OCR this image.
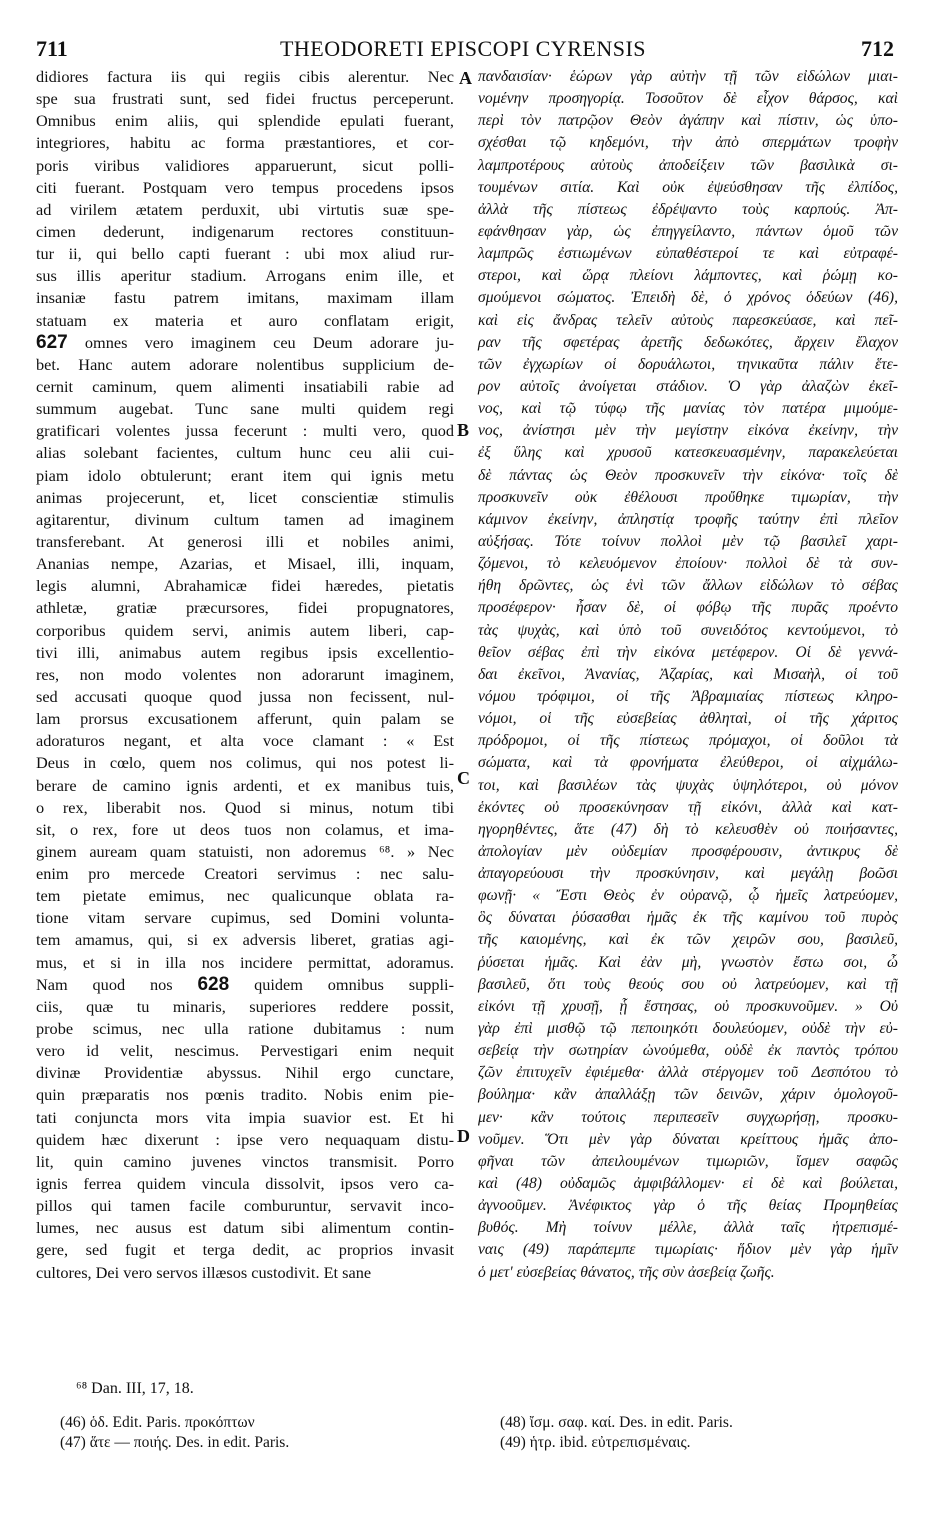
711	THEODORETI EPISCOPI CYRENSIS	712
didiores factura iis qui regiis cibis alerentur. Nec
spe sua frustrati sunt, sed fidei fructus perceperunt.
Omnibus enim aliis, qui splendide epulati fuerant,
integriores, habitu ac forma præstantiores, et cor-
poris viribus validiores apparuerunt, sicut polli-
citi fuerant. Postquam vero tempus procedens ipsos
ad virilem ætatem perduxit, ubi virtutis suæ spe-
cimen dederunt, indigenarum rectores constituun-
tur ii, qui bello capti fuerant : ubi mox aliud rur-
sus illis aperitur stadium. Arrogans enim ille, et
insaniæ fastu patrem imitans, maximam illam
statuam ex materia et auro conflatam erigit,
627 omnes vero imaginem ceu Deum adorare ju-
bet. Hanc autem adorare nolentibus supplicium de-
cernit caminum, quem alimenti insatiabili rabie ad
summum augebat. Tunc sane multi quidem regi
gratificari volentes jussa fecerunt : multi vero, quod
alias solebant facientes, cultum hunc ceu alii cui-
piam idolo obtulerunt; erant item qui ignis metu
animas projecerunt, et, licet conscientiæ stimulis
agitarentur, divinum cultum tamen ad imaginem
transferebant. At generosi illi et nobiles animi,
Ananias nempe, Azarias, et Misael, illi, inquam,
legis alumni, Abrahamicæ fidei hæredes, pietatis
athletæ, gratiæ præcursores, fidei propugnatores,
corporibus quidem servi, animis autem liberi, cap-
tivi illi, animabus autem regibus ipsis excellentio-
res, non modo volentes non adorarunt imaginem,
sed accusati quoque quod jussa non fecissent, nul-
lam prorsus excusationem afferunt, quin palam se
adoraturos negant, et alta voce clamant : « Est
Deus in cœlo, quem nos colimus, qui nos potest li-
berare de camino ignis ardenti, et ex manibus tuis,
o rex, liberabit nos. Quod si minus, notum tibi
sit, o rex, fore ut deos tuos non colamus, et ima-
ginem auream quam statuisti, non adoremus ⁶⁸. » Nec
enim pro mercede Creatori servimus : nec salu-
tem pietate emimus, nec qualicunque oblata ra-
tione vitam servare cupimus, sed Domini volunta-
tem amamus, qui, si ex adversis liberet, gratias agi-
mus, et si in illa nos incidere permittat, adoramus.
Nam quod nos 628 quidem omnibus suppli-
ciis, quæ tu minaris, superiores reddere possit,
probe scimus, nec ulla ratione dubitamus : num
vero id velit, nescimus. Pervestigari enim nequit
divinæ Providentiæ abyssus. Nihil ergo cunctare,
quin præparatis nos pœnis tradito. Nobis enim pie-
tati conjuncta mors vita impia suavior est. Et hi
quidem hæc dixerunt : ipse vero nequaquam distu-
lit, quin camino juvenes vinctos transmisit. Porro
ignis ferrea quidem vincula dissolvit, ipsos vero ca-
pillos qui tamen facile comburuntur, servavit inco-
lumes, nec ausus est datum sibi alimentum contin-
gere, sed fugit et terga dedit, ac proprios invasit
cultores, Dei vero servos illæsos custodivit. Et sane
πανδαισίαν· ἑώρων γὰρ αὐτὴν τῇ τῶν εἰδώλων μιαι-
νομένην προσηγορίᾳ. Τοσοῦτον δὲ εἶχον θάρσος, καὶ
περὶ τὸν πατρῷον Θεὸν ἀγάπην καὶ πίστιν, ὡς ὑπο-
σχέσθαι τῷ κηδεμόνι, τὴν ἀπὸ σπερμάτων τροφὴν
λαμπροτέρους αὐτοὺς ἀποδείξειν τῶν βασιλικὰ σι-
τουμένων σιτία. Καὶ οὐκ ἐψεύσθησαν τῆς ἐλπίδος,
ἀλλὰ τῆς πίστεως ἐδρέψαντο τοὺς καρπούς. Ἀπ-
εφάνθησαν γὰρ, ὡς ἐπηγγείλαντο, πάντων ὁμοῦ τῶν
λαμπρῶς ἐστιωμένων εὐπαθέστεροί τε καὶ εὐτραφέ-
στεροι, καὶ ὥρᾳ πλείονι λάμποντες, καὶ ῥώμῃ κο-
σμούμενοι σώματος. Ἐπειδὴ δὲ, ὁ χρόνος ὁδεύων (46),
καὶ εἰς ἄνδρας τελεῖν αὐτοὺς παρεσκεύασε, καὶ πεῖ-
ραν τῆς σφετέρας ἀρετῆς δεδωκότες, ἄρχειν ἔλαχον
τῶν ἐγχωρίων οἱ δορυάλωτοι, τηνικαῦτα πάλιν ἕτε-
ρον αὐτοῖς ἀνοίγεται στάδιον. Ὁ γὰρ ἀλαζὼν ἐκεῖ-
νος, καὶ τῷ τύφῳ τῆς μανίας τὸν πατέρα μιμούμε-
νος, ἀνίστησι μὲν τὴν μεγίστην εἰκόνα ἐκείνην, τὴν
ἐξ ὕλης καὶ χρυσοῦ κατεσκευασμένην, παρακελεύεται
δὲ πάντας ὡς Θεὸν προσκυνεῖν τὴν εἰκόνα· τοῖς δὲ
προσκυνεῖν οὐκ ἐθέλουσι προὔθηκε τιμωρίαν, τὴν
κάμινον ἐκείνην, ἀπληστίᾳ τροφῆς ταύτην ἐπὶ πλεῖον
αὐξήσας. Τότε τοίνυν πολλοὶ μὲν τῷ βασιλεῖ χαρι-
ζόμενοι, τὸ κελευόμενον ἐποίουν· πολλοὶ δὲ τὰ συν-
ήθη δρῶντες, ὡς ἑνὶ τῶν ἄλλων εἰδώλων τὸ σέβας
προσέφερον· ἦσαν δὲ, οἱ φόβῳ τῆς πυρᾶς προέντο
τὰς ψυχὰς, καὶ ὑπὸ τοῦ συνειδότος κεντούμενοι, τὸ
θεῖον σέβας ἐπὶ τὴν εἰκόνα μετέφερον. Οἱ δὲ γεννά-
δαι ἐκεῖνοι, Ἀνανίας, Ἀζαρίας, καὶ Μισαὴλ, οἱ τοῦ
νόμου τρόφιμοι, οἱ τῆς Ἀβραμιαίας πίστεως κληρο-
νόμοι, οἱ τῆς εὐσεβείας ἀθληταὶ, οἱ τῆς χάριτος
πρόδρομοι, οἱ τῆς πίστεως πρόμαχοι, οἱ δοῦλοι τὰ
σώματα, καὶ τὰ φρονήματα ἐλεύθεροι, οἱ αἰχμάλω-
τοι, καὶ βασιλέων τὰς ψυχὰς ὑψηλότεροι, οὐ μόνον
ἑκόντες οὐ προσεκύνησαν τῇ εἰκόνι, ἀλλὰ καὶ κατ-
ηγορηθέντες, ἅτε (47) δὴ τὸ κελευσθὲν οὐ ποιήσαντες,
ἀπολογίαν μὲν οὐδεμίαν προσφέρουσιν, ἀντικρυς δὲ
ἀπαγορεύουσι τὴν προσκύνησιν, καὶ μεγάλῃ βοῶσι
φωνῇ· « Ἔστι Θεὸς ἐν οὐρανῷ, ᾧ ἡμεῖς λατρεύομεν,
ὃς δύναται ῥύσασθαι ἡμᾶς ἐκ τῆς καμίνου τοῦ πυρὸς
τῆς καιομένης, καὶ ἐκ τῶν χειρῶν σου, βασιλεῦ,
ῥύσεται ἡμᾶς. Καὶ ἐὰν μὴ, γνωστὸν ἔστω σοι, ὦ
βασιλεῦ, ὅτι τοὺς θεούς σου οὐ λατρεύομεν, καὶ τῇ
εἰκόνι τῇ χρυσῇ, ᾗ ἔστησας, οὐ προσκυνοῦμεν. » Οὐ
γὰρ ἐπὶ μισθῷ τῷ πεποιηκότι δουλεύομεν, οὐδὲ τὴν εὐ-
σεβείᾳ τὴν σωτηρίαν ὠνούμεθα, οὐδὲ ἐκ παντὸς τρόπου
ζῶν ἐπιτυχεῖν ἐφιέμεθα· ἀλλὰ στέργομεν τοῦ Δεσπότου τὸ
βούλημα· κἂν ἀπαλλάξῃ τῶν δεινῶν, χάριν ὁμολογοῦ-
μεν· κἂν τούτοις περιπεσεῖν συγχωρήσῃ, προσκυ-
νοῦμεν. Ὅτι μὲν γὰρ δύναται κρείττους ἡμᾶς ἀπο-
φῆναι τῶν ἀπειλουμένων τιμωριῶν, ἴσμεν σαφῶς
καὶ (48) οὐδαμῶς ἀμφιβάλλομεν· εἰ δὲ καὶ βούλεται,
ἀγνοοῦμεν. Ἀνέφικτος γὰρ ὁ τῆς θείας Προμηθείας
βυθός. Μὴ τοίνυν μέλλε, ἀλλὰ ταῖς ἡτρεπισμέ-
ναις (49) παράπεμπε τιμωρίαις· ἥδιον μὲν γὰρ ἡμῖν
ὁ μετ' εὐσεβείας θάνατος, τῆς σὺν ἀσεβείᾳ ζωῆς.
A
B
C
D
⁶⁸ Dan. III, 17, 18.
(46) ὁδ. Edit. Paris. προκόπτων
(47) ἅτε — ποιής. Des. in edit. Paris.
(48) ἴσμ. σαφ. καί. Des. in edit. Paris.
(49) ἡτρ. ibid. εὐτρεπισμέναις.
